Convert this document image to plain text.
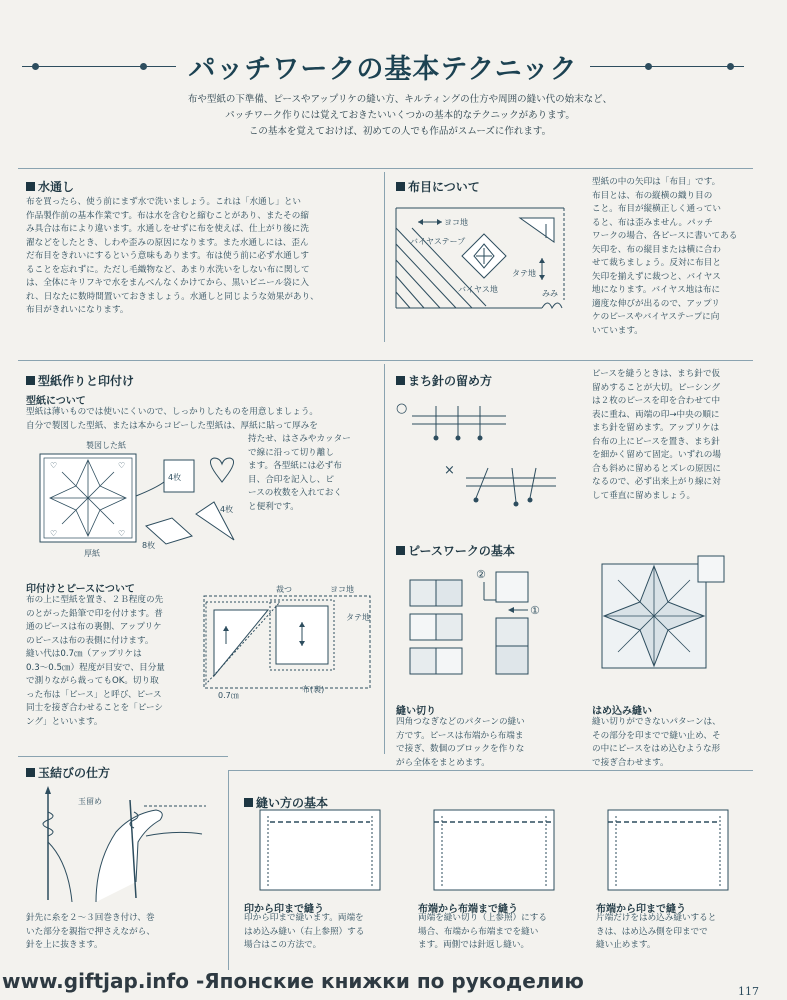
パッチワークの基本テクニック
布や型紙の下準備、ピースやアップリケの縫い方、キルティングの仕方や周囲の縫い代の始末など、
パッチワーク作りには覚えておきたいいくつかの基本的なテクニックがあります。
この基本を覚えておけば、初めての人でも作品がスムーズに作れます。
水通し
布を買ったら、使う前にまず水で洗いましょう。これは「水通し」とい
作品製作前の基本作業です。布は水を含むと縮むことがあり、またその縮
み具合は布により違います。水通しをせずに布を使えば、仕上がり後に洗
濯などをしたとき、しわや歪みの原因になります。また水通しには、歪ん
だ布目をきれいにするという意味もあります。布は使う前に必ず水通しす
ることを忘れずに。ただし毛織物など、あまり水洗いをしない布に関して
は、全体にキリフキで水をまんべんなくかけてから、黒いビニール袋に入
れ、日なたに数時間置いておきましょう。水通しと同じような効果があり、
布目がきれいになります。
布目について
ヨコ地
バイヤステープ
タテ地
バイヤス地	みみ
型紙の中の矢印は「布目」です。
布目とは、布の縦横の織り目の
こと。布目が縦横正しく通ってい
ると、布は歪みません。パッチ
ワークの場合、各ピースに書いてある
矢印を、布の縦目または横に合わ
せて裁ちましょう。反対に布目と
矢印を揃えずに裁つと、バイヤス
地になります。バイヤス地は布に
適度な伸びが出るので、アップリ
ケのピースやバイヤステープに向
いています。
型紙作りと印付け
型紙について
型紙は薄いものでは使いにくいので、しっかりしたものを用意しましょう。
自分で製図した型紙、または本からコピーした型紙は、厚紙に貼って厚みを
持たせ、はさみやカッター
で線に沿って切り離し
ます。各型紙には必ず布
目、合印を記入し、ピ
ースの枚数を入れておく
と便利です。
♡	♡
♡	♡
製図した紙
厚紙
4枚
4枚
8枚
印付けとピースについて
布の上に型紙を置き、２Ｂ程度の先
のとがった鉛筆で印を付けます。普
通のピースは布の裏側、アップリケ
のピースは布の表側に付けます。
縫い代は0.7㎝（アップリケは
0.3〜0.5㎝）程度が目安で、目分量
で測りながら裁ってもOK。切り取
った布は「ピース」と呼び、ピース
同士を接ぎ合わせることを「ピーシ
ング」といいます。
裁つ	ヨコ地
タテ地
0.7㎝
布(裏)
まち針の留め方
○
×
ピースを縫うときは、まち針で仮
留めすることが大切。ピーシング
は２枚のピースを印を合わせて中
表に重ね、両端の印→中央の順に
まち針を留めます。アップリケは
台布の上にピースを置き、まち針
を細かく留めて固定。いずれの場
合も斜めに留めるとズレの原因に
なるので、必ず出来上がり線に対
して垂直に留めましょう。
ピースワークの基本
②
①
縫い切り
四角つなぎなどのパターンの縫い
方です。ピースは布端から布端ま
で接ぎ、数個のブロックを作りな
がら全体をまとめます。
はめ込み縫い
縫い切りができないパターンは、
その部分を印までで縫い止め、そ
の中にピースをはめ込むような形
で接ぎ合わせます。
玉結びの仕方
玉留め
針先に糸を２〜３回巻き付け、巻
いた部分を親指で押さえながら、
針を上に抜きます。
縫い方の基本
印から印まで縫う
印から印まで縫います。両端を
はめ込み縫い（右上参照）する
場合はこの方法で。
布端から布端まで縫う
両端を縫い切り（上参照）にする
場合、布端から布端までを縫い
ます。両側では針返し縫い。
布端から印まで縫う
片端だけをはめ込み縫いすると
きは、はめ込み側を印までで
縫い止めます。
117
www.giftjap.info -Японские книжки по рукоделию
